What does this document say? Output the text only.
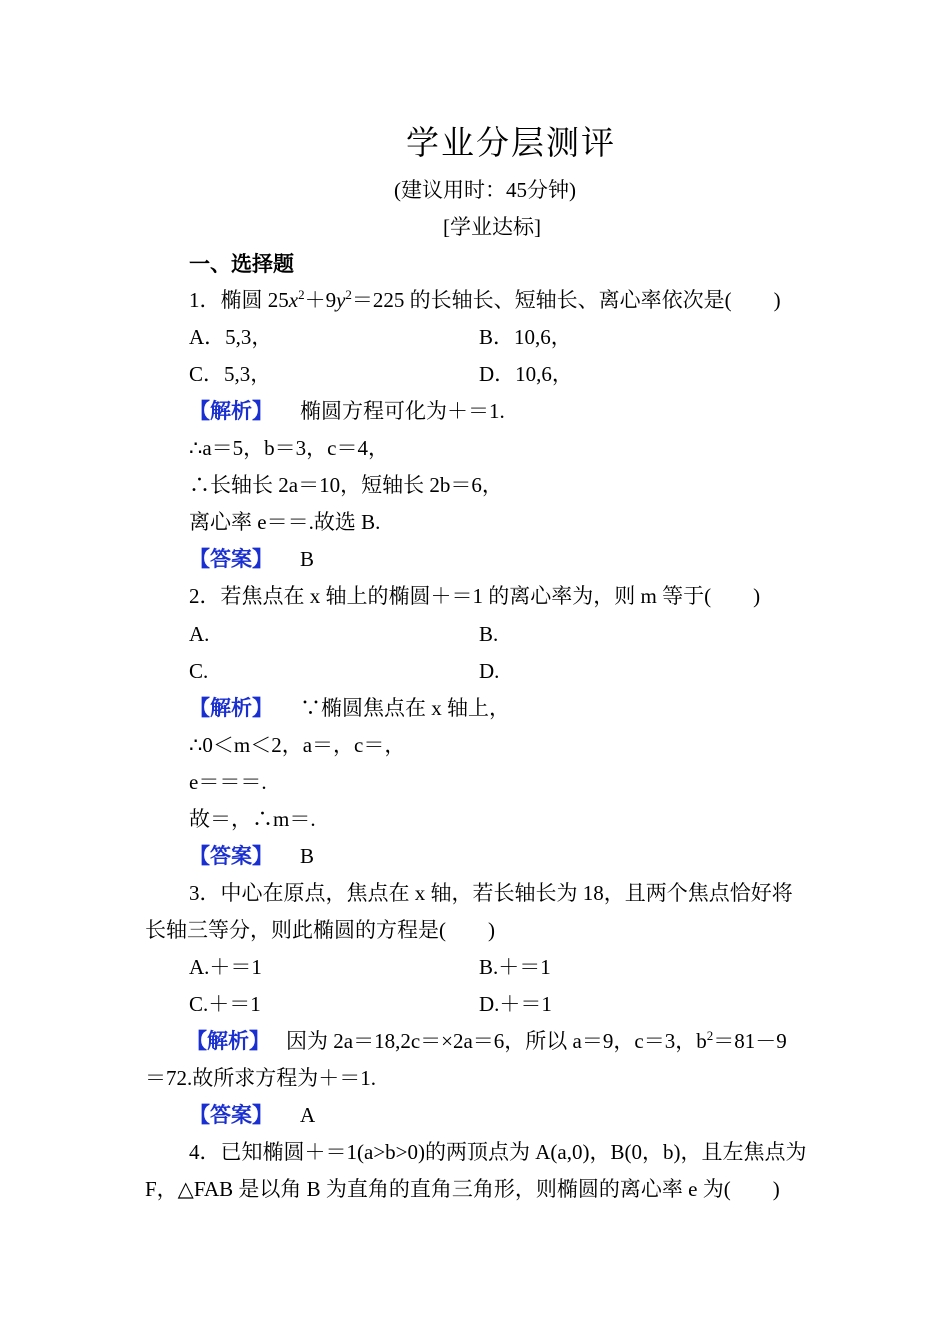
学业分层测评
(建议用时：45分钟)
[学业达标]
一、选择题
1．椭圆 $25x^2+9y^2=225$ 的长轴长、短轴长、离心率依次是(　　)
A．5,3，	B．10,6，
C．5,3，	D．10,6，
【解析】 椭圆方程可化为＋＝1.
∴a＝5，b＝3，c＝4，
∴长轴长 2a＝10，短轴长 2b＝6，
离心率 e＝＝.故选 B.
【答案】 B
2．若焦点在 x 轴上的椭圆＋＝1 的离心率为，则 m 等于(　　)
A.	B.
C.	D.
【解析】 ∵椭圆焦点在 x 轴上，
∴0＜m＜2，a＝，c＝，
e＝＝＝.
故＝，∴m＝.
【答案】 B
3．中心在原点，焦点在 x 轴，若长轴长为 18，且两个焦点恰好将
长轴三等分，则此椭圆的方程是(　　)
A.＋＝1	B.＋＝1
C.＋＝1	D.＋＝1
【解析】 因为 2a＝18,2c＝×2a＝6，所以 a＝9，c＝3，$b^2=81-9$
＝72.故所求方程为＋＝1.
【答案】 A
4．已知椭圆＋＝1(a>b>0)的两顶点为 A(a,0)，B(0，b)，且左焦点为
F，△FAB 是以角 B 为直角的直角三角形，则椭圆的离心率 e 为(　　)
